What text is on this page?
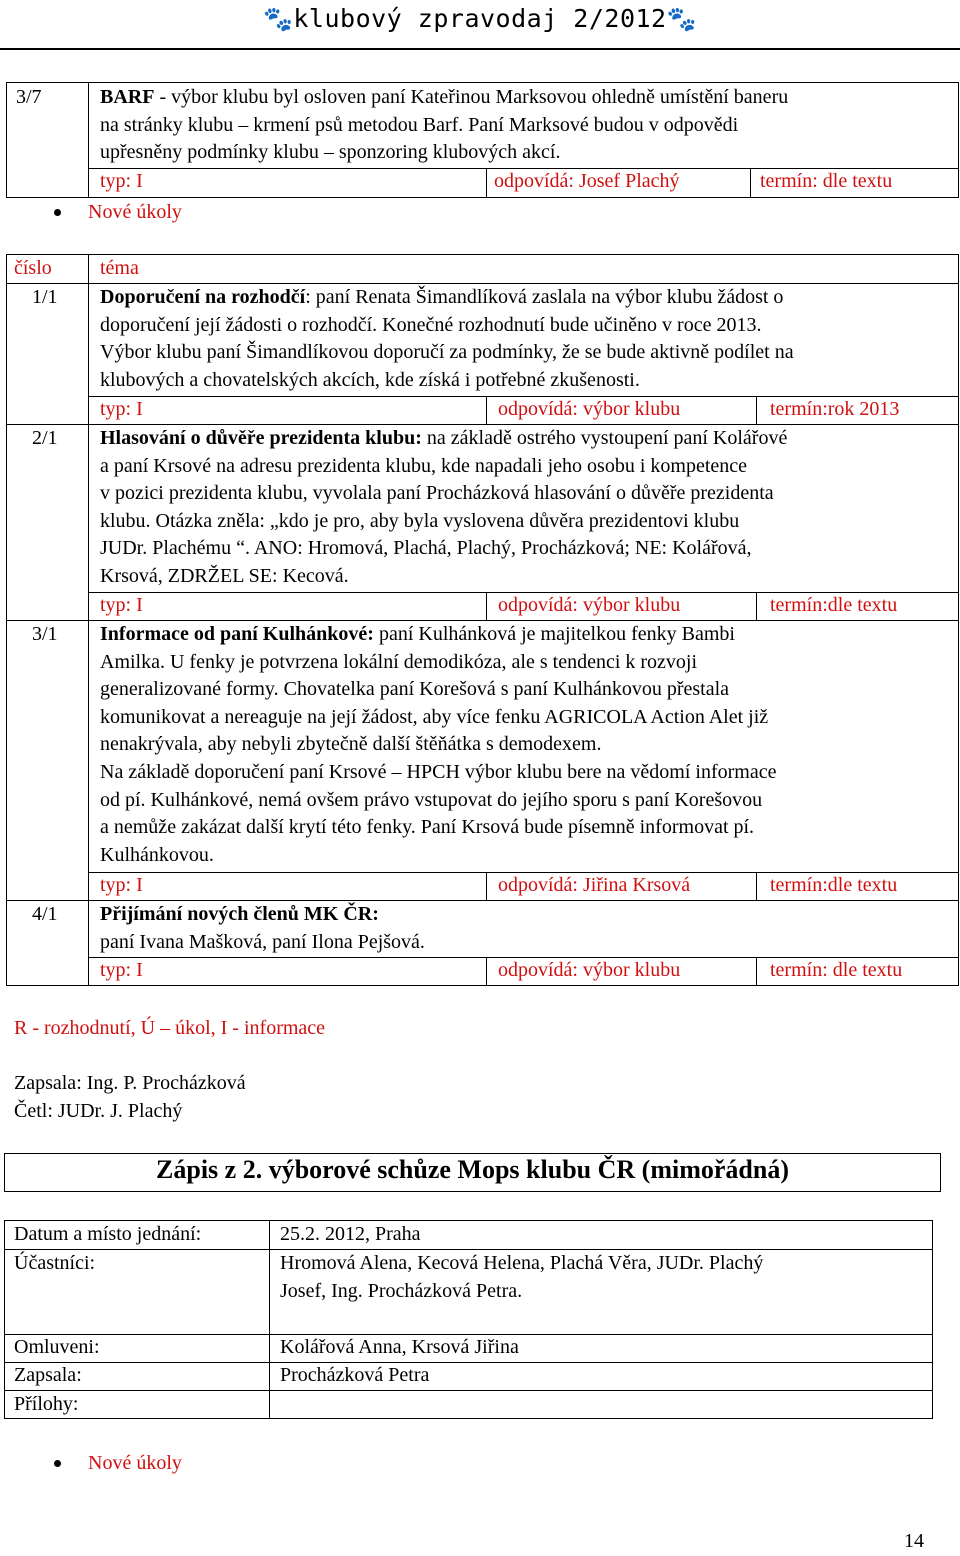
🐾klubový zpravodaj 2/2012🐾
3/7	BARF - výbor klubu byl osloven paní Kateřinou Marksovou ohledně umístění baneru
na stránky klubu – krmení psů metodou Barf. Paní Marksové budou v odpovědi
upřesněny podmínky klubu – sponzoring klubových akcí.
typ: I	odpovídá: Josef Plachý	termín: dle textu
Nové úkoly
číslo téma
1/1 Doporučení na rozhodčí: paní Renata Šimandlíková zaslala na výbor klubu žádost o
doporučení její žádosti o rozhodčí. Konečné rozhodnutí bude učiněno v roce 2013.
Výbor klubu paní Šimandlíkovou doporučí za podmínky, že se bude aktivně podílet na
klubových a chovatelských akcích, kde získá i potřebné zkušenosti.
typ: I	odpovídá: výbor klubu	termín:rok 2013
2/1 Hlasování o důvěře prezidenta klubu: na základě ostrého vystoupení paní Kolářové
a paní Krsové na adresu prezidenta klubu, kde napadali jeho osobu i kompetence
v pozici prezidenta klubu, vyvolala paní Procházková hlasování o důvěře prezidenta
klubu. Otázka zněla: „kdo je pro, aby byla vyslovena důvěra prezidentovi klubu
JUDr. Plachému “. ANO: Hromová, Plachá, Plachý, Procházková; NE: Kolářová,
Krsová, ZDRŽEL SE: Kecová.
typ: I	odpovídá: výbor klubu	termín:dle textu
3/1 Informace od paní Kulhánkové: paní Kulhánková je majitelkou fenky Bambi
Amilka. U fenky je potvrzena lokální demodikóza, ale s tendenci k rozvoji
generalizované formy. Chovatelka paní Korešová s paní Kulhánkovou přestala
komunikovat a nereaguje na její žádost, aby více fenku AGRICOLA Action Alet již
nenakrývala, aby nebyli zbytečně další štěňátka s demodexem.
Na základě doporučení paní Krsové – HPCH výbor klubu bere na vědomí informace
od pí. Kulhánkové, nemá ovšem právo vstupovat do jejího sporu s paní Korešovou
a nemůže zakázat další krytí této fenky. Paní Krsová bude písemně informovat pí.
Kulhánkovou.
typ: I	odpovídá: Jiřina Krsová	termín:dle textu
4/1 Přijímání nových členů MK ČR:
paní Ivana Mašková, paní Ilona Pejšová.
typ: I	odpovídá: výbor klubu	termín: dle textu
R - rozhodnutí, Ú – úkol, I - informace
Zapsala: Ing. P. Procházková
Četl: JUDr. J. Plachý
Zápis z 2. výborové schůze Mops klubu ČR (mimořádná)
Datum a místo jednání:	25.2. 2012, Praha
Účastníci:	Hromová Alena, Kecová Helena, Plachá Věra, JUDr. Plachý
Josef, Ing. Procházková Petra.
Omluveni:	Kolářová Anna, Krsová Jiřina
Zapsala:	Procházková Petra
Přílohy:
Nové úkoly
14
